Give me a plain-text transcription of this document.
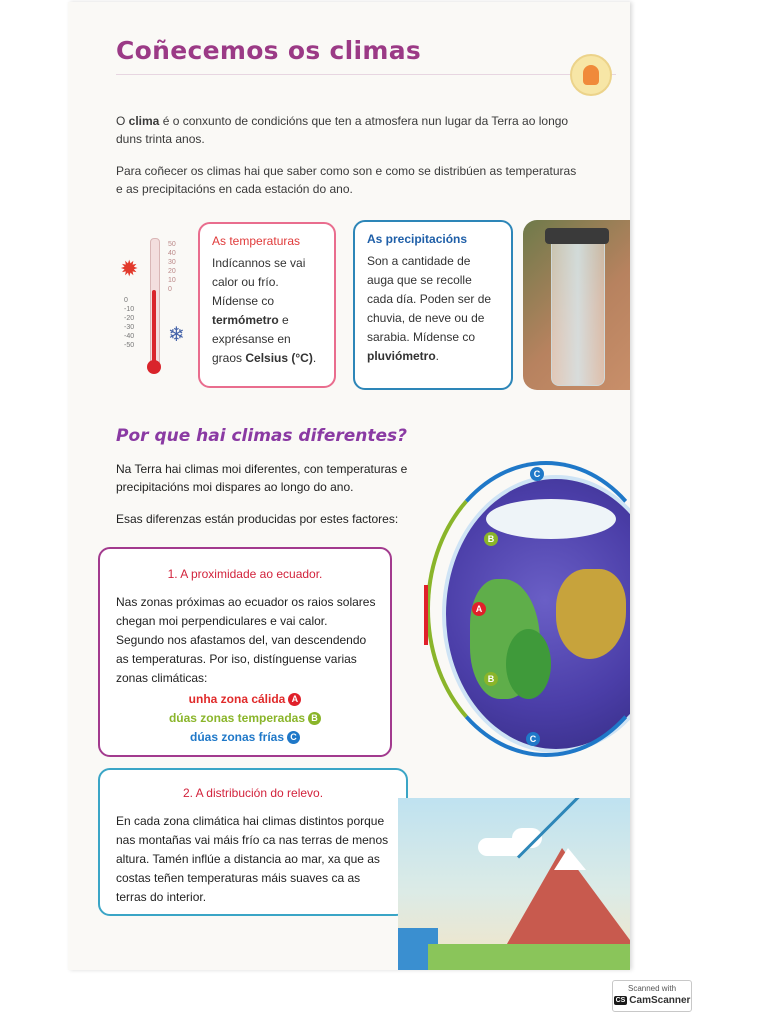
Coñecemos os climas
O clima é o conxunto de condicións que ten a atmosfera nun lugar da Terra ao longo duns trinta anos.
Para coñecer os climas hai que saber como son e como se distribúen as temperaturas e as precipitacións en cada estación do ano.
✹
0
-10
-20
-30
-40
-50
50
40
30
20
10
0
❄
As temperaturas

Indícannos se vai calor ou frío. Mídense co termómetro e exprésanse en graos Celsius (°C).

As precipitacións

Son a cantidade de auga que se recolle cada día. Poden ser de chuvia, de neve ou de sarabia. Mídense co pluviómetro.

Por que hai climas diferentes?
Na Terra hai climas moi diferentes, con temperaturas e precipitacións moi dispares ao longo do ano.
Esas diferenzas están producidas por estes factores:
1. A proximidade ao ecuador.
Nas zonas próximas ao ecuador os raios solares chegan moi perpendiculares e vai calor. Segundo nos afastamos del, van descendendo as temperaturas. Por iso, distínguense varias zonas climáticas:
unha zona cálida A
dúas zonas temperadas B
dúas zonas frías C
C
B
A
B
C
2. A distribución do relevo.
En cada zona climática hai climas distintos porque nas montañas vai máis frío ca nas terras de menos altura. Tamén inflúe a distancia ao mar, xa que as costas teñen temperaturas máis suaves ca as terras do interior.
Scanned with
CS CamScanner
